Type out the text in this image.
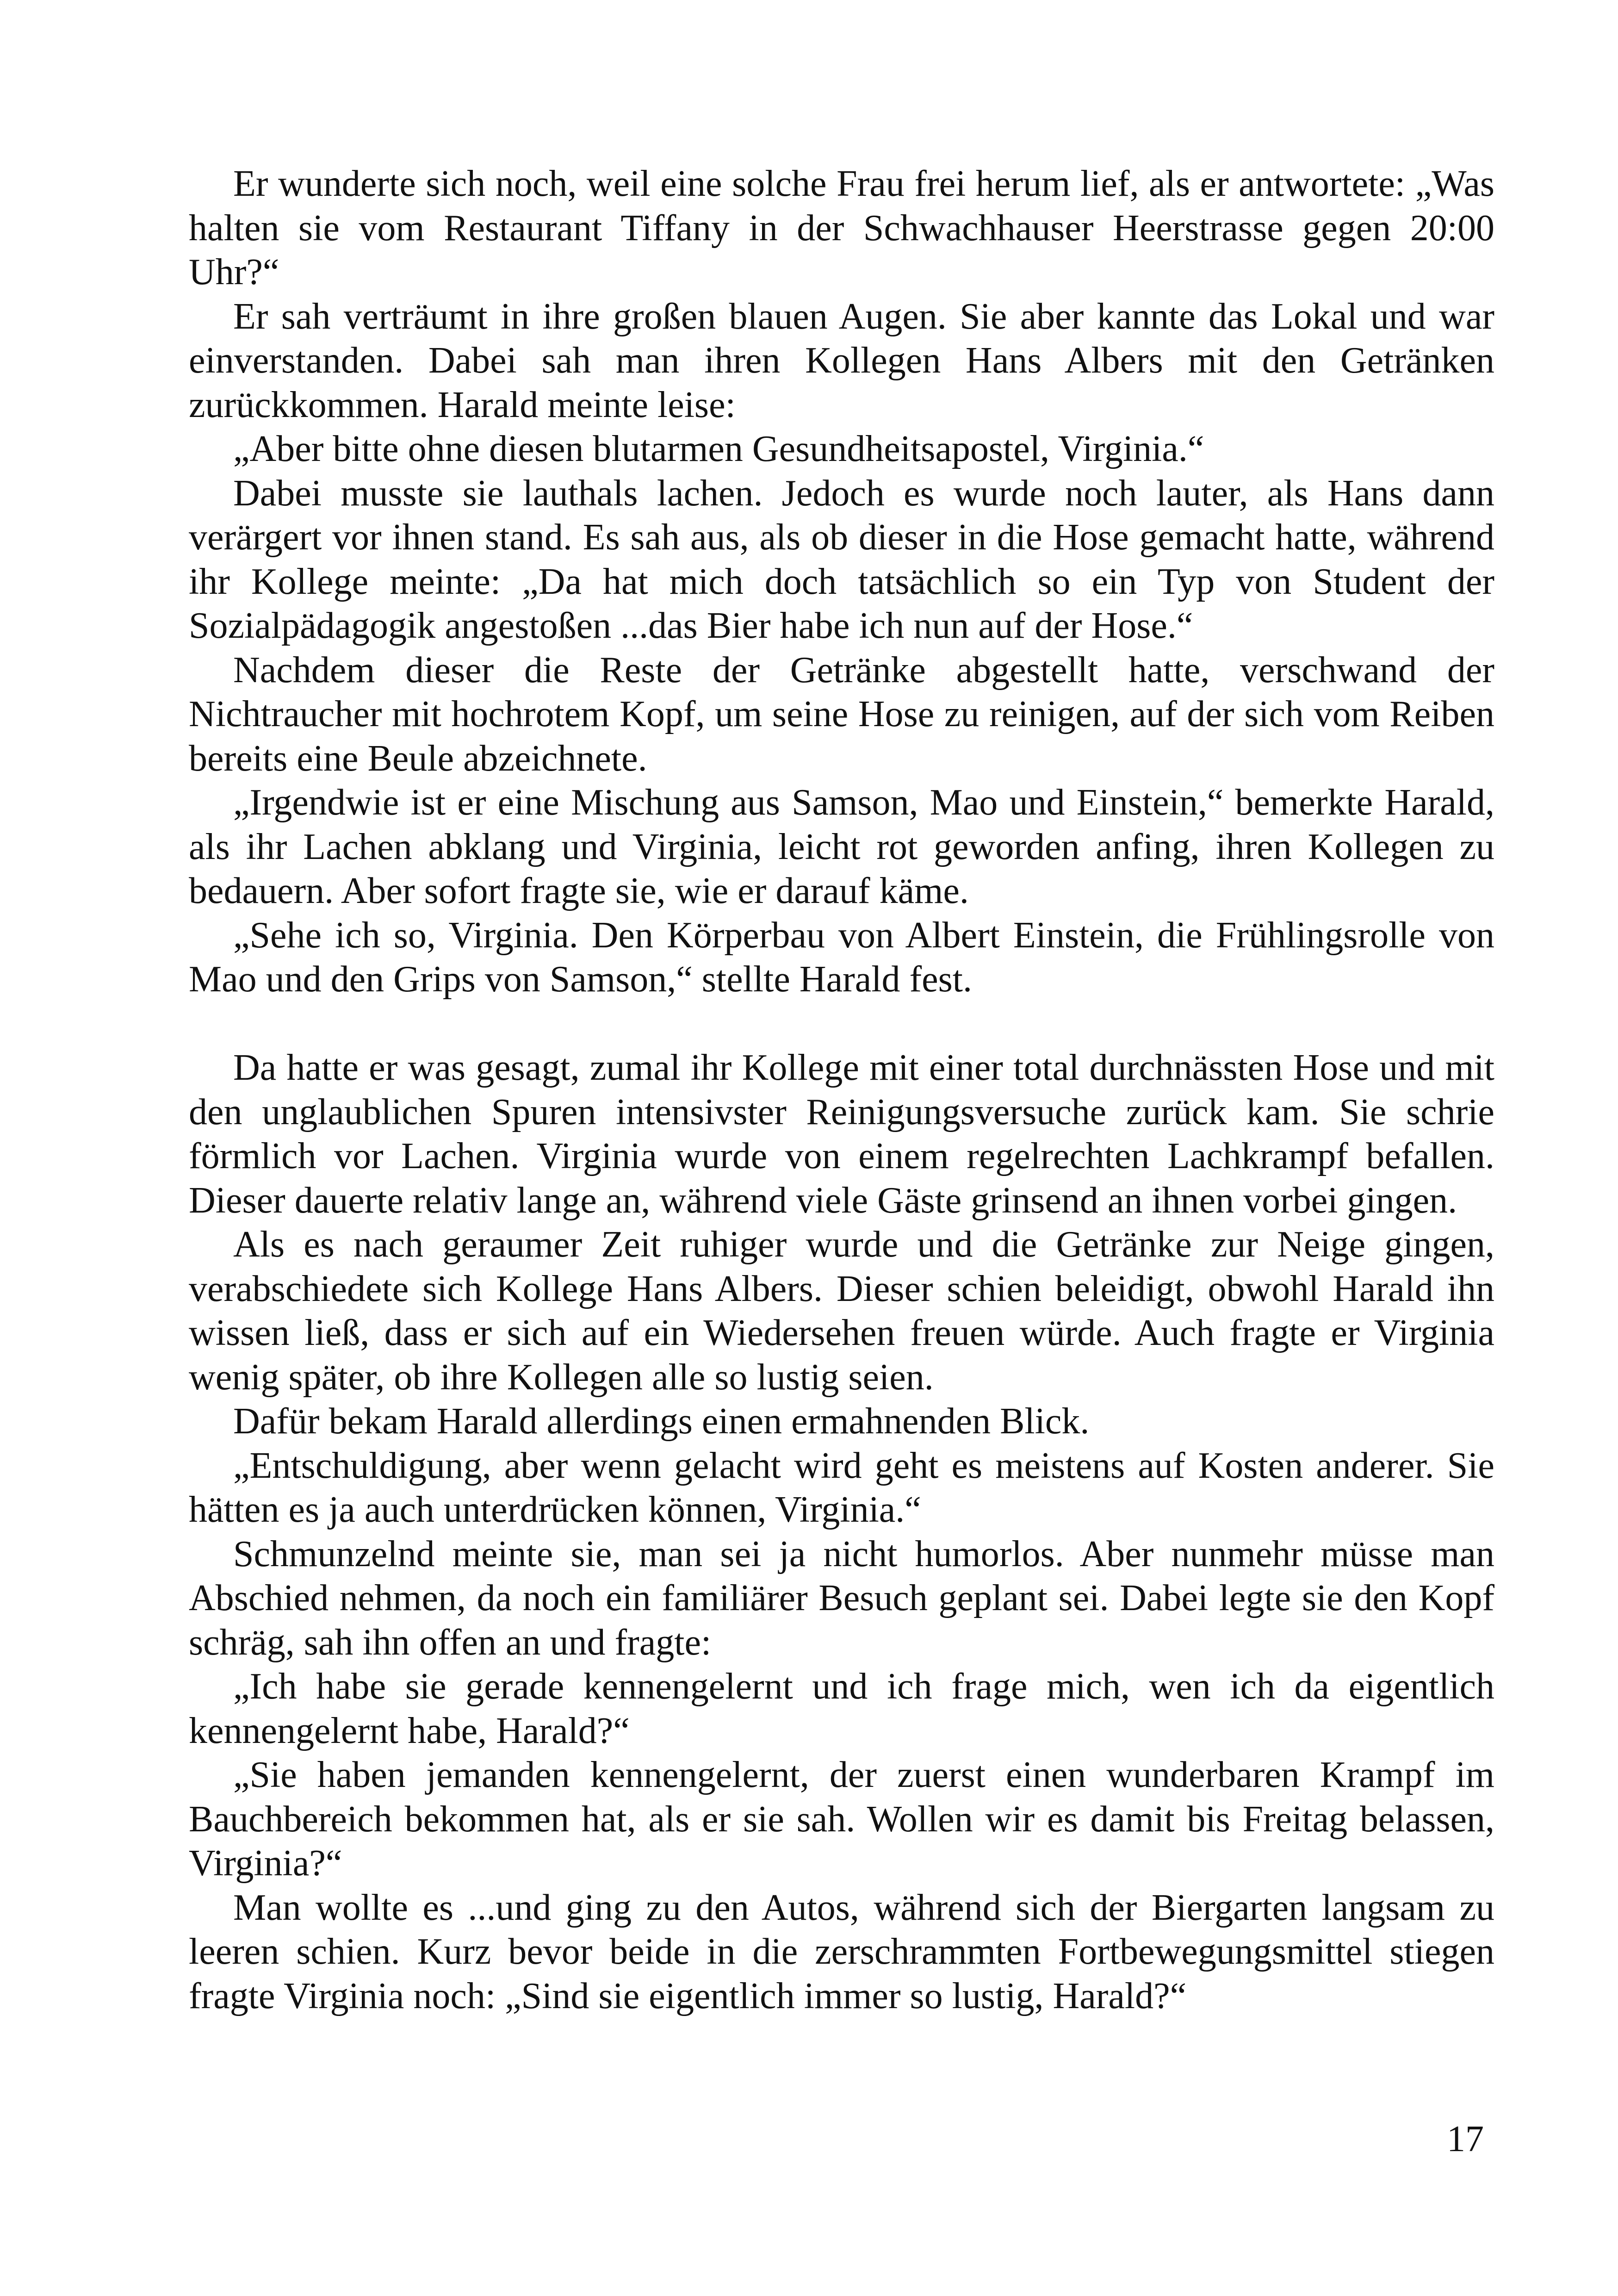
Er wunderte sich noch, weil eine solche Frau frei herum lief, als er antwortete: „Was halten sie vom Restaurant Tiffany in der Schwachhauser Heerstrasse gegen 20:00 Uhr?“

Er sah verträumt in ihre großen blauen Augen. Sie aber kannte das Lokal und war einverstanden. Dabei sah man ihren Kollegen Hans Albers mit den Getränken zurückkommen. Harald meinte leise:

„Aber bitte ohne diesen blutarmen Gesundheitsapostel, Virginia.“

Dabei musste sie lauthals lachen. Jedoch es wurde noch lauter, als Hans dann verärgert vor ihnen stand. Es sah aus, als ob dieser in die Hose gemacht hatte, während ihr Kollege meinte: „Da hat mich doch tatsächlich so ein Typ von Student der Sozialpädagogik angestoßen ...das Bier habe ich nun auf der Hose.“

Nachdem dieser die Reste der Getränke abgestellt hatte, verschwand der Nichtraucher mit hochrotem Kopf, um seine Hose zu reinigen, auf der sich vom Reiben bereits eine Beule abzeichnete.

„Irgendwie ist er eine Mischung aus Samson, Mao und Einstein,“ bemerkte Harald, als ihr Lachen abklang und Virginia, leicht rot geworden anfing, ihren Kollegen zu bedauern. Aber sofort fragte sie, wie er darauf käme.

„Sehe ich so, Virginia. Den Körperbau von Albert Einstein, die Frühlingsrolle von Mao und den Grips von Samson,“ stellte Harald fest.

Da hatte er was gesagt, zumal ihr Kollege mit einer total durchnässten Hose und mit den unglaublichen Spuren intensivster Reinigungsversuche zurück kam. Sie schrie förmlich vor Lachen. Virginia wurde von einem regelrechten Lachkrampf befallen. Dieser dauerte relativ lange an, während viele Gäste grinsend an ihnen vorbei gingen.

Als es nach geraumer Zeit ruhiger wurde und die Getränke zur Neige gingen, verabschiedete sich Kollege Hans Albers. Dieser schien beleidigt, obwohl Harald ihn wissen ließ, dass er sich auf ein Wiedersehen freuen würde. Auch fragte er Virginia wenig später, ob ihre Kollegen alle so lustig seien.

Dafür bekam Harald allerdings einen ermahnenden Blick.

„Entschuldigung, aber wenn gelacht wird geht es meistens auf Kosten anderer. Sie hätten es ja auch unterdrücken können, Virginia.“

Schmunzelnd meinte sie, man sei ja nicht humorlos. Aber nunmehr müsse man Abschied nehmen, da noch ein familiärer Besuch geplant sei. Dabei legte sie den Kopf schräg, sah ihn offen an und fragte:

„Ich habe sie gerade kennengelernt und ich frage mich, wen ich da eigentlich kennengelernt habe, Harald?“

„Sie haben jemanden kennengelernt, der zuerst einen wunderbaren Krampf im Bauchbereich bekommen hat, als er sie sah. Wollen wir es damit bis Freitag belassen, Virginia?“

Man wollte es ...und ging zu den Autos, während sich der Biergarten langsam zu leeren schien. Kurz bevor beide in die zerschrammten Fortbewegungsmittel stiegen fragte Virginia noch: „Sind sie eigentlich immer so lustig, Harald?“

17
